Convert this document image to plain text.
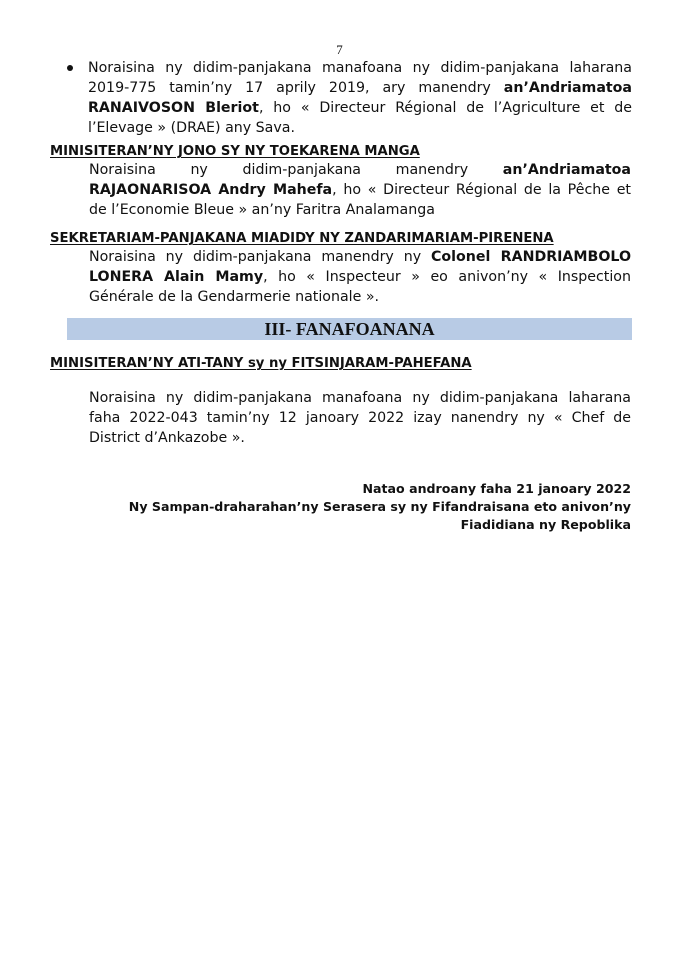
7
Noraisina ny didim-panjakana manafoana ny didim-panjakana laharana 2019-775 tamin’ny 17 aprily 2019, ary manendry an’Andriamatoa RANAIVOSON Bleriot, ho « Directeur Régional de l’Agriculture et de l’Elevage » (DRAE) any Sava.
MINISITERAN’NY JONO SY NY TOEKARENA MANGA
Noraisina ny didim-panjakana manendry an’Andriamatoa RAJAONARISOA Andry Mahefa, ho « Directeur Régional de la Pêche et de l’Economie Bleue » an’ny Faritra Analamanga
SEKRETARIAM-PANJAKANA MIADIDY NY ZANDARIMARIAM-PIRENENA
Noraisina ny didim-panjakana manendry ny Colonel RANDRIAMBOLO LONERA Alain Mamy, ho « Inspecteur » eo anivon’ny « Inspection Générale de la Gendarmerie nationale ».
III- FANAFOANANA
MINISITERAN’NY ATI-TANY sy ny FITSINJARAM-PAHEFANA
Noraisina ny didim-panjakana manafoana ny didim-panjakana laharana faha 2022-043 tamin’ny 12 janoary 2022 izay nanendry ny « Chef de District d’Ankazobe ».
Natao androany faha 21 janoary 2022
Ny Sampan-draharahan’ny Serasera sy ny Fifandraisana eto anivon’ny
Fiadidiana ny Repoblika
